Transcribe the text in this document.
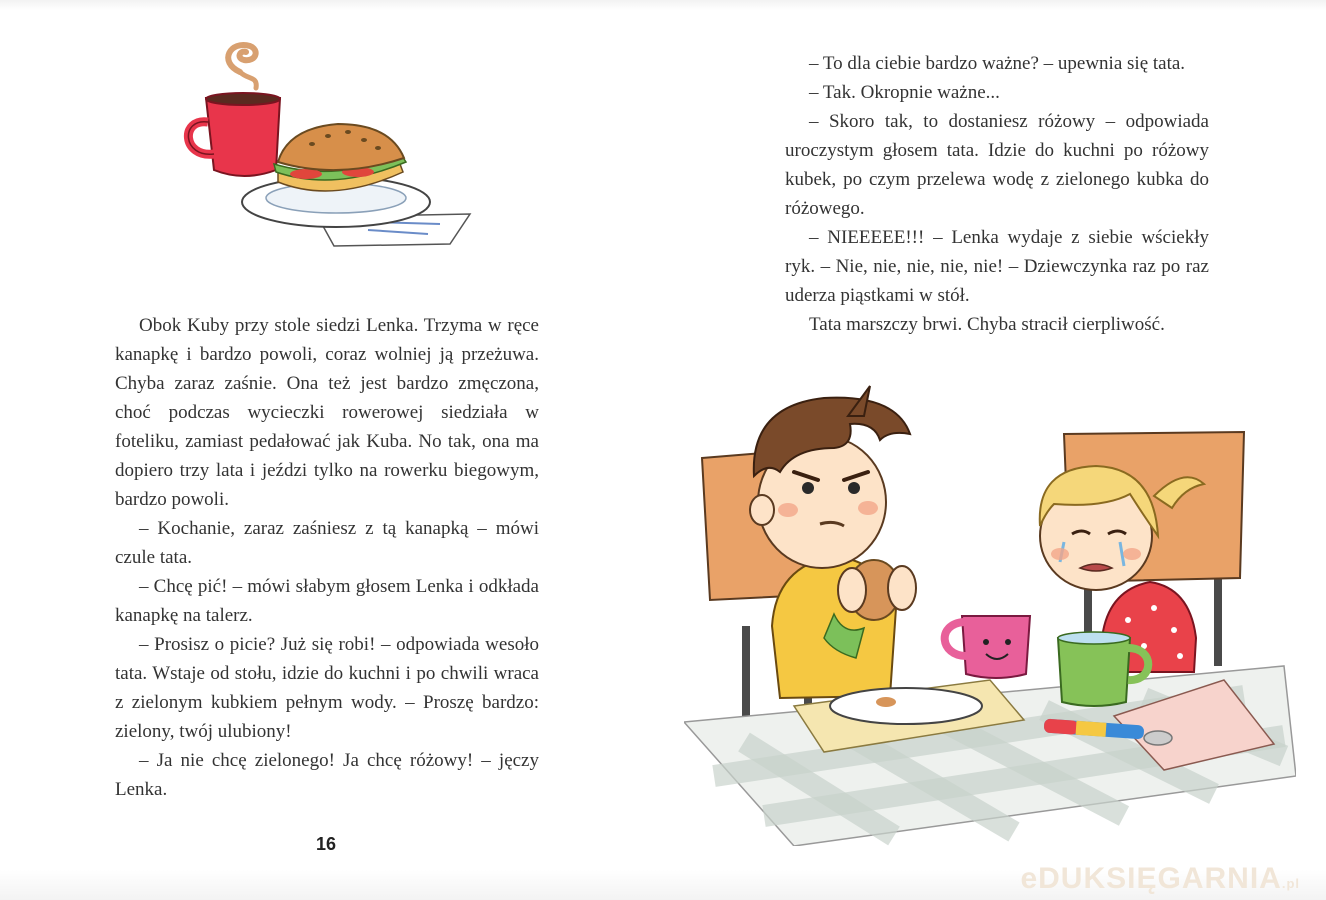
Obok Kuby przy stole siedzi Lenka. Trzyma w ręce kanapkę i bardzo powoli, coraz wolniej ją przeżuwa. Chyba zaraz zaśnie. Ona też jest bardzo zmęczona, choć podczas wycieczki rowerowej siedziała w foteliku, zamiast pedałować jak Kuba. No tak, ona ma dopiero trzy lata i jeździ tylko na rowerku biegowym, bardzo powoli.

– Kochanie, zaraz zaśniesz z tą kanapką – mówi czule tata.

– Chcę pić! – mówi słabym głosem Lenka i odkłada kanapkę na talerz.

– Prosisz o picie? Już się robi! – odpowiada wesoło tata. Wstaje od stołu, idzie do kuchni i po chwili wraca z zielonym kubkiem pełnym wody. – Proszę bardzo: zielony, twój ulubiony!

– Ja nie chcę zielonego! Ja chcę różowy! – jęczy Lenka.

16

– To dla ciebie bardzo ważne? – upewnia się tata.

– Tak. Okropnie ważne...

– Skoro tak, to dostaniesz różowy – odpowiada uroczystym głosem tata. Idzie do kuchni po różowy kubek, po czym przelewa wodę z zielonego kubka do różowego.

– NIEEEEE!!! – Lenka wydaje z siebie wściekły ryk. – Nie, nie, nie, nie, nie! – Dziewczynka raz po raz uderza piąstkami w stół.

Tata marszczy brwi. Chyba stracił cierpliwość.

eDUKSIĘGARNIA.pl
